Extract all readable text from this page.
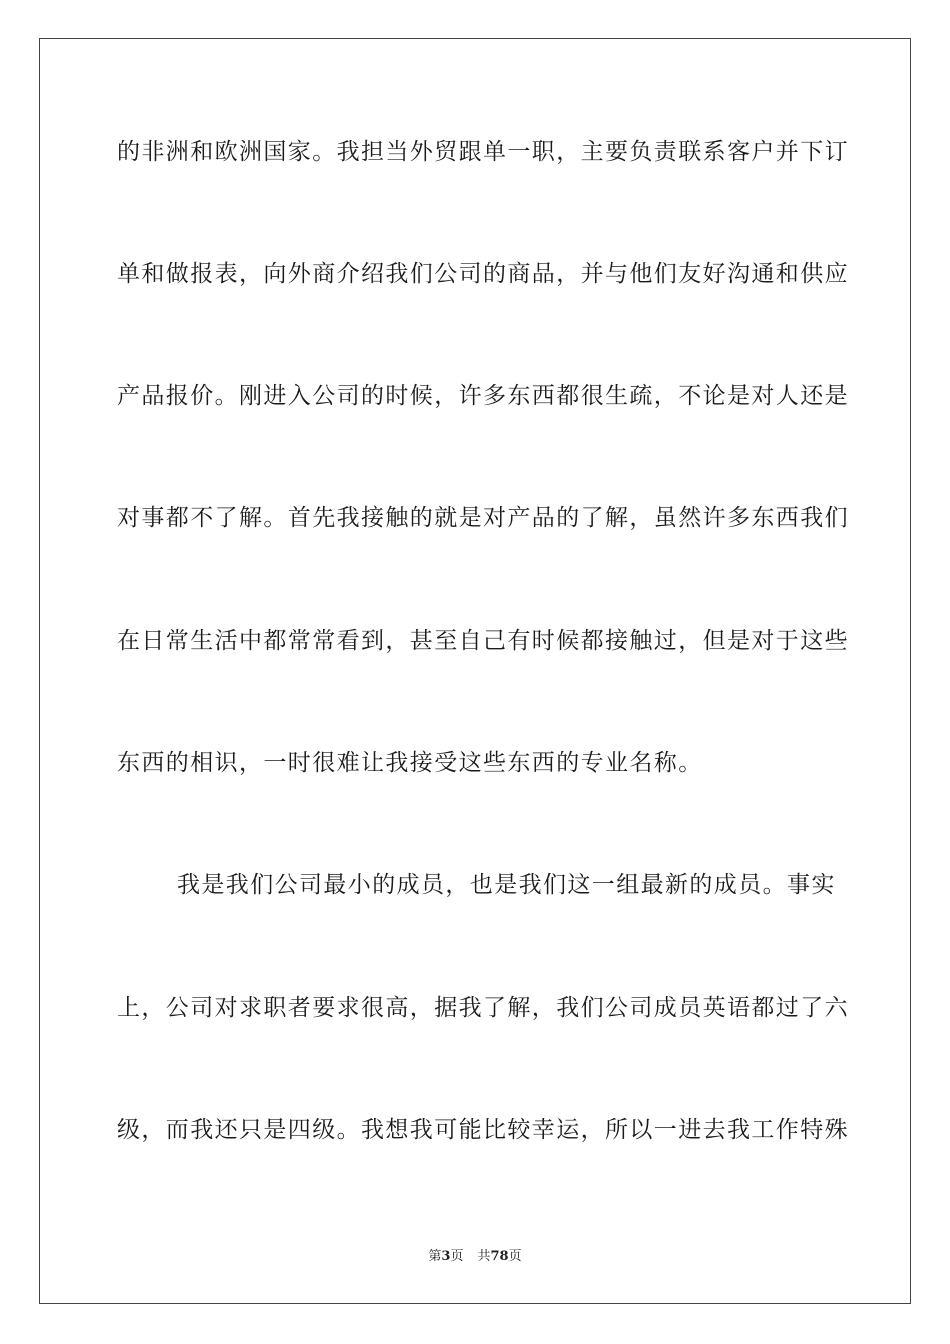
的非洲和欧洲国家。我担当外贸跟单一职，主要负责联系客户并下订
单和做报表，向外商介绍我们公司的商品，并与他们友好沟通和供应
产品报价。刚进入公司的时候，许多东西都很生疏，不论是对人还是
对事都不了解。首先我接触的就是对产品的了解，虽然许多东西我们
在日常生活中都常常看到，甚至自己有时候都接触过，但是对于这些
东西的相识，一时很难让我接受这些东西的专业名称。
我是我们公司最小的成员，也是我们这一组最新的成员。事实
上，公司对求职者要求很高，据我了解，我们公司成员英语都过了六
级，而我还只是四级。我想我可能比较幸运，所以一进去我工作特殊
第3页 共78页
